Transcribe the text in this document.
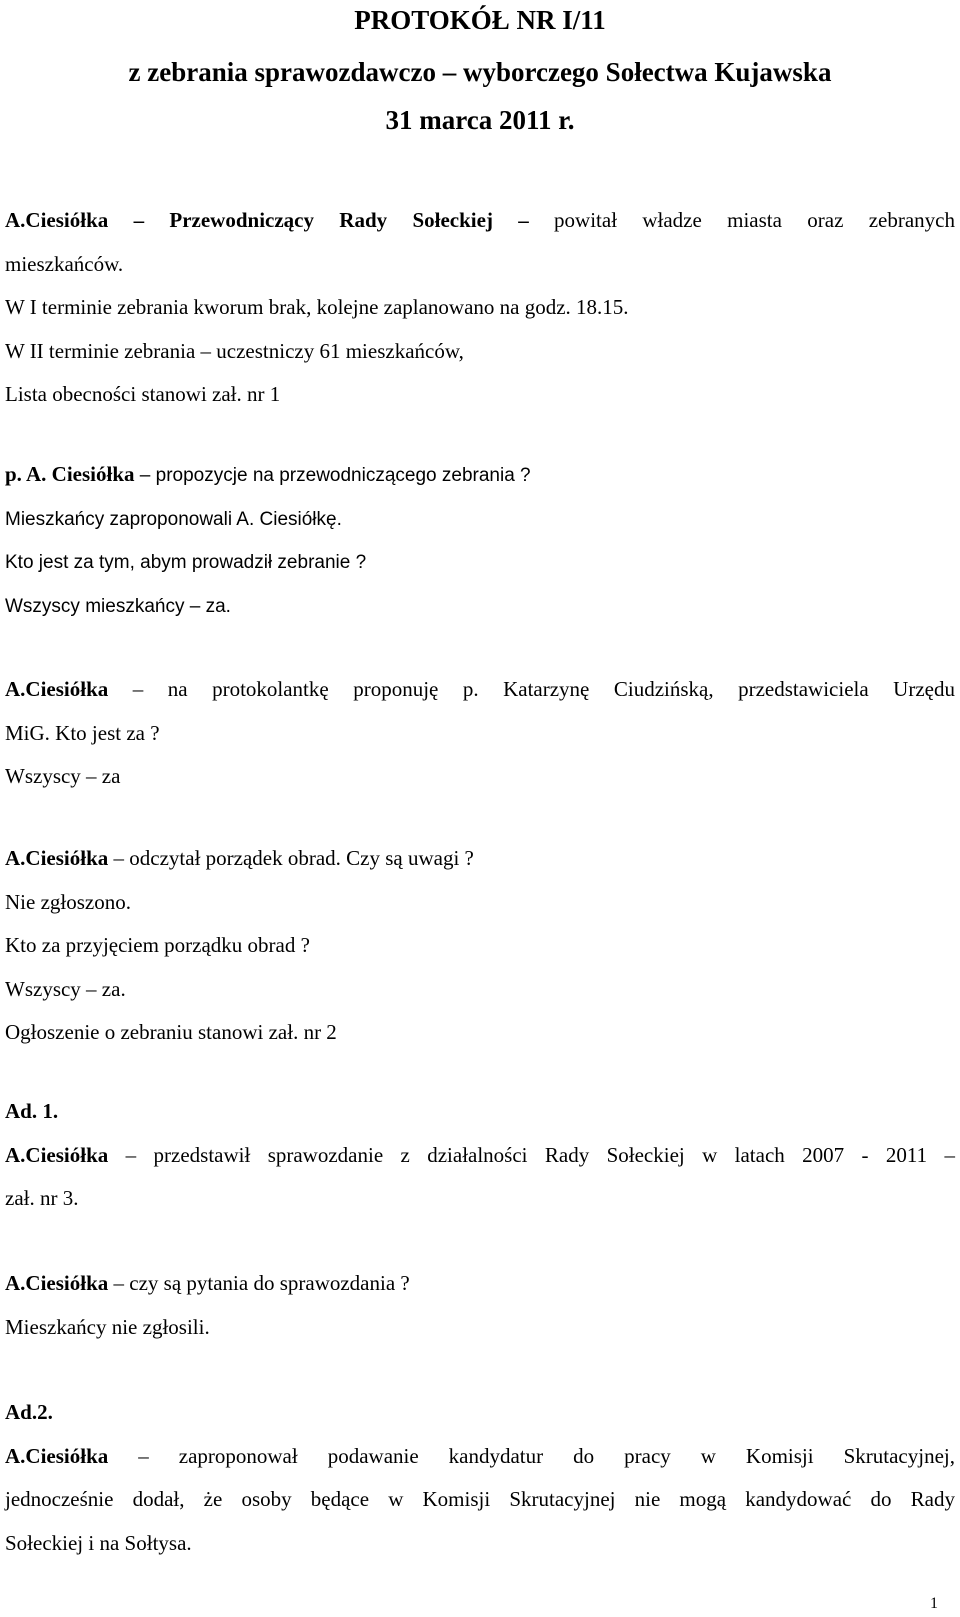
PROTOKÓŁ NR I/11
z zebrania sprawozdawczo – wyborczego Sołectwa Kujawska
31 marca 2011 r.
A.Ciesiółka – Przewodniczący Rady Sołeckiej – powitał władze miasta oraz zebranych
mieszkańców.
W I terminie zebrania kworum brak, kolejne zaplanowano na godz. 18.15.
W II terminie zebrania – uczestniczy 61 mieszkańców,
Lista obecności stanowi zał. nr 1
p. A. Ciesiółka – propozycje na przewodniczącego zebrania ?
Mieszkańcy zaproponowali A. Ciesiółkę.
Kto jest za tym, abym prowadził zebranie ?
Wszyscy mieszkańcy – za.
A.Ciesiółka – na protokolantkę proponuję p. Katarzynę Ciudzińską, przedstawiciela Urzędu
MiG. Kto jest za ?
Wszyscy – za
A.Ciesiółka – odczytał porządek obrad. Czy są uwagi ?
Nie zgłoszono.
Kto za przyjęciem porządku obrad ?
Wszyscy – za.
Ogłoszenie o zebraniu stanowi zał. nr 2
Ad. 1.
A.Ciesiółka – przedstawił sprawozdanie z działalności Rady Sołeckiej w latach 2007 - 2011 –
zał. nr 3.
A.Ciesiółka – czy są pytania do sprawozdania ?
Mieszkańcy nie zgłosili.
Ad.2.
A.Ciesiółka – zaproponował podawanie kandydatur do pracy w Komisji Skrutacyjnej,
jednocześnie dodał, że osoby będące w Komisji Skrutacyjnej nie mogą kandydować do Rady
Sołeckiej i na Sołtysa.
1
